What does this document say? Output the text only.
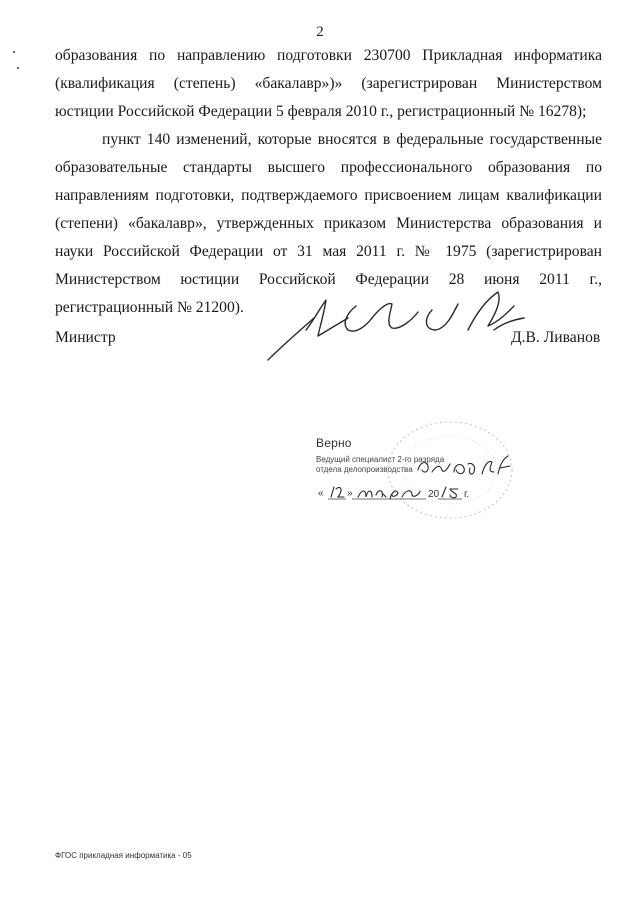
2

образования по направлению подготовки 230700 Прикладная информатика (квалификация (степень) «бакалавр»)» (зарегистрирован Министерством юстиции Российской Федерации 5 февраля 2010 г., регистрационный № 16278);

пункт 140 изменений, которые вносятся в федеральные государственные образовательные стандарты высшего профессионального образования по направлениям подготовки, подтверждаемого присвоением лицам квалификации (степени) «бакалавр», утвержденных приказом Министерства образования и науки Российской Федерации от 31 мая 2011 г. № 1975 (зарегистрирован Министерством юстиции Российской Федерации 28 июня 2011 г., регистрационный № 21200).

Министр	Д.В. Ливанов
Верно
Ведущий специалист 2-го разряда
отдела делопроизводства
« »	20 г.
ФГОС прикладная информатика - 05
